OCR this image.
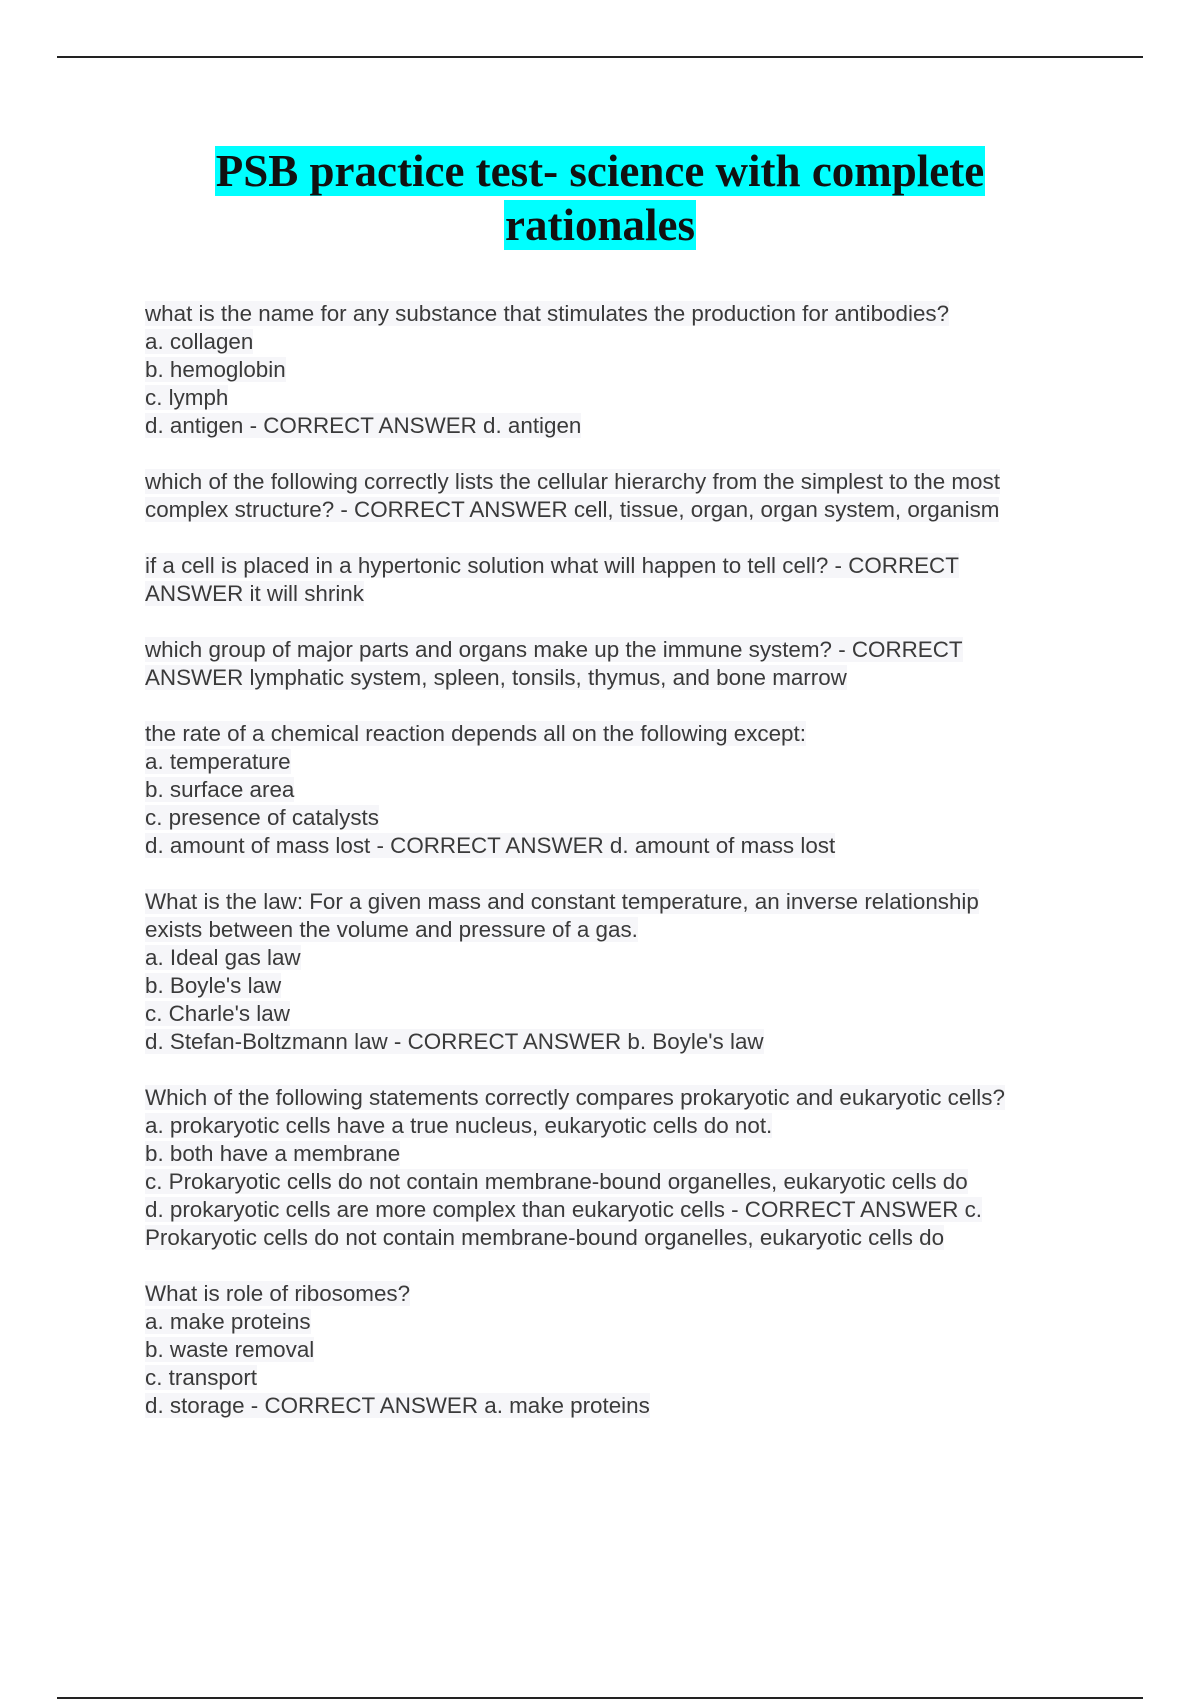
PSB practice test- science with complete
rationales

what is the name for any substance that stimulates the production for antibodies?

a. collagen

b. hemoglobin

c. lymph

d. antigen - CORRECT ANSWER d. antigen

which of the following correctly lists the cellular hierarchy from the simplest to the most

complex structure? - CORRECT ANSWER cell, tissue, organ, organ system, organism

if a cell is placed in a hypertonic solution what will happen to tell cell? - CORRECT

ANSWER it will shrink

which group of major parts and organs make up the immune system? - CORRECT

ANSWER lymphatic system, spleen, tonsils, thymus, and bone marrow

the rate of a chemical reaction depends all on the following except:

a. temperature

b. surface area

c. presence of catalysts

d. amount of mass lost - CORRECT ANSWER d. amount of mass lost

What is the law: For a given mass and constant temperature, an inverse relationship

exists between the volume and pressure of a gas.

a. Ideal gas law

b. Boyle's law

c. Charle's law

d. Stefan-Boltzmann law - CORRECT ANSWER b. Boyle's law

Which of the following statements correctly compares prokaryotic and eukaryotic cells?

a. prokaryotic cells have a true nucleus, eukaryotic cells do not.

b. both have a membrane

c. Prokaryotic cells do not contain membrane-bound organelles, eukaryotic cells do

d. prokaryotic cells are more complex than eukaryotic cells - CORRECT ANSWER c.

Prokaryotic cells do not contain membrane-bound organelles, eukaryotic cells do

What is role of ribosomes?

a. make proteins

b. waste removal

c. transport

d. storage - CORRECT ANSWER a. make proteins
